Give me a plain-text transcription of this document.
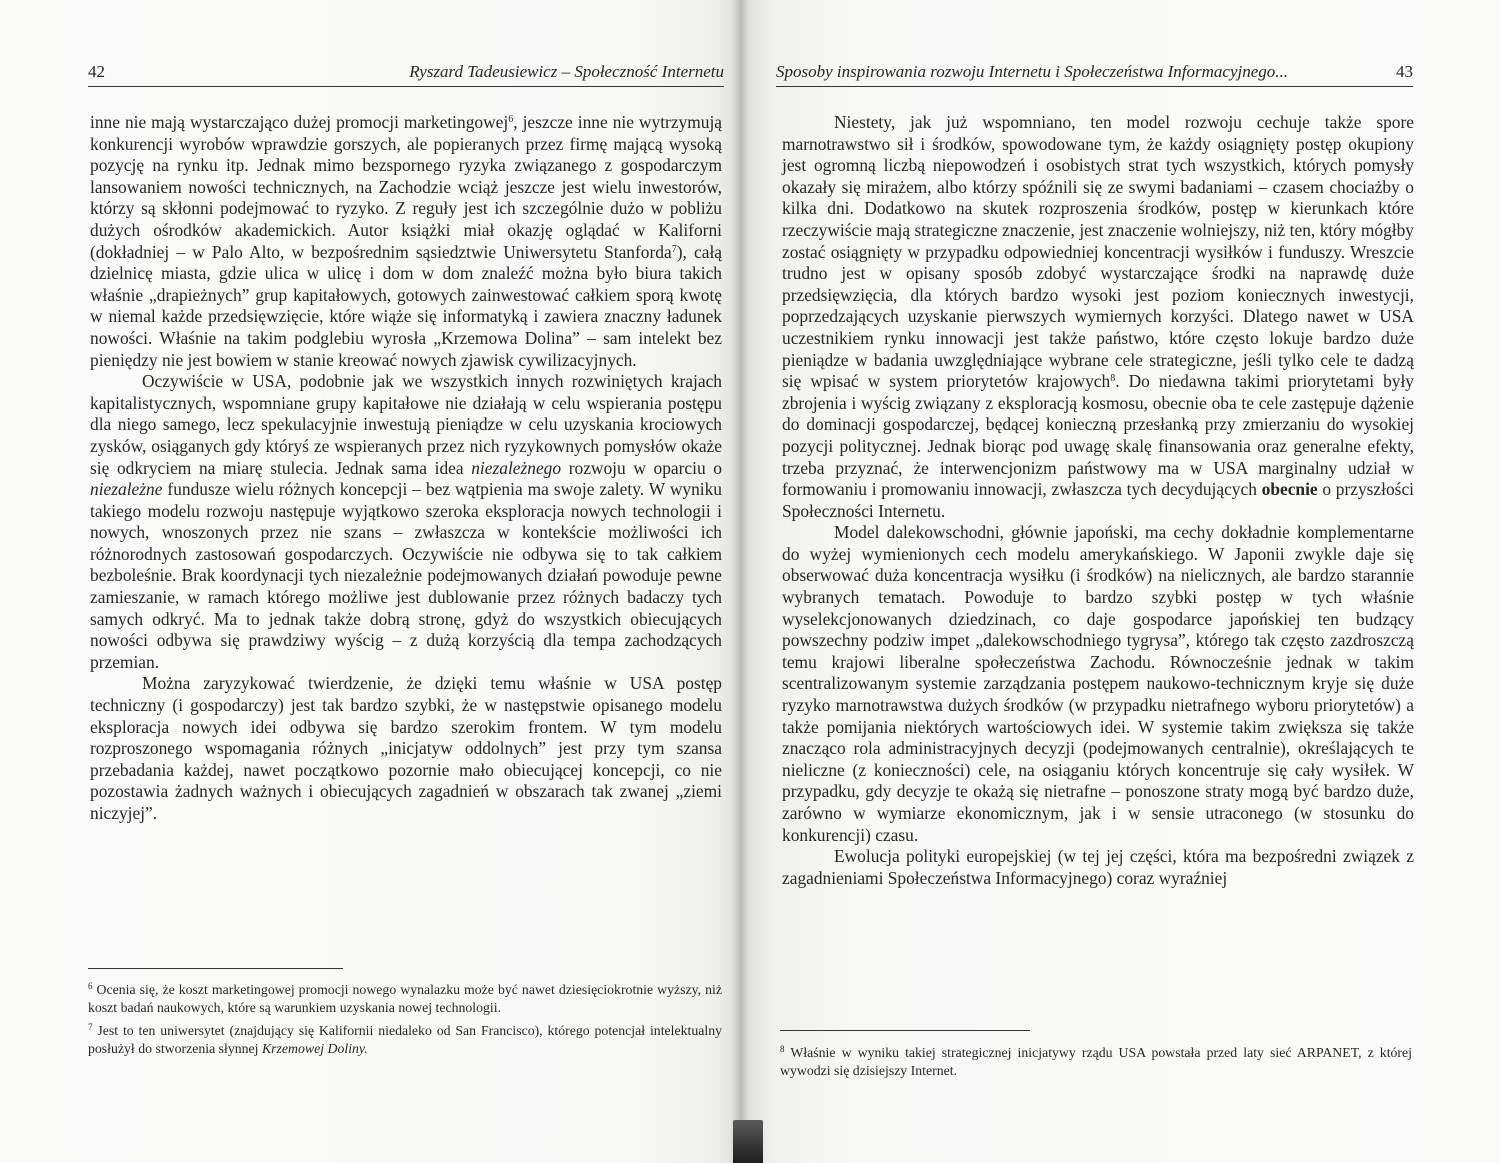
42	Ryszard Tadeusiewicz – Społeczność Internetu

inne nie mają wystarczająco dużej promocji marketingowej$^6$, jeszcze inne nie wytrzymują konkurencji wyrobów wprawdzie gorszych, ale popieranych przez firmę mającą wysoką pozycję na rynku itp. Jednak mimo bezspornego ryzyka związanego z gospodarczym lansowaniem nowości technicznych, na Zachodzie wciąż jeszcze jest wielu inwestorów, którzy są skłonni podejmować to ryzyko. Z reguły jest ich szczególnie dużo w pobliżu dużych ośrodków akademickich. Autor książki miał okazję oglądać w Kaliforni (dokładniej – w Palo Alto, w bezpośrednim sąsiedztwie Uniwersytetu Stanforda$^7$), całą dzielnicę miasta, gdzie ulica w ulicę i dom w dom znaleźć można było biura takich właśnie „drapieżnych” grup kapitałowych, gotowych zainwestować całkiem sporą kwotę w niemal każde przedsięwzięcie, które wiąże się informatyką i zawiera znaczny ładunek nowości. Właśnie na takim podglebiu wyrosła „Krzemowa Dolina” – sam intelekt bez pieniędzy nie jest bowiem w stanie kreować nowych zjawisk cywilizacyjnych.

Oczywiście w USA, podobnie jak we wszystkich innych rozwiniętych krajach kapitalistycznych, wspomniane grupy kapitałowe nie działają w celu wspierania postępu dla niego samego, lecz spekulacyjnie inwestują pieniądze w celu uzyskania krociowych zysków, osiąganych gdy któryś ze wspieranych przez nich ryzykownych pomysłów okaże się odkryciem na miarę stulecia. Jednak sama idea niezależnego rozwoju w oparciu o niezależne fundusze wielu różnych koncepcji – bez wątpienia ma swoje zalety. W wyniku takiego modelu rozwoju następuje wyjątkowo szeroka eksploracja nowych technologii i nowych, wnoszonych przez nie szans – zwłaszcza w kontekście możliwości ich różnorodnych zastosowań gospodarczych. Oczywiście nie odbywa się to tak całkiem bezboleśnie. Brak koordynacji tych niezależnie podejmowanych działań powoduje pewne zamieszanie, w ramach którego możliwe jest dublowanie przez różnych badaczy tych samych odkryć. Ma to jednak także dobrą stronę, gdyż do wszystkich obiecujących nowości odbywa się prawdziwy wyścig – z dużą korzyścią dla tempa zachodzących przemian.

Można zaryzykować twierdzenie, że dzięki temu właśnie w USA postęp techniczny (i gospodarczy) jest tak bardzo szybki, że w następstwie opisanego modelu eksploracja nowych idei odbywa się bardzo szerokim frontem. W tym modelu rozproszonego wspomagania różnych „inicjatyw oddolnych” jest przy tym szansa przebadania każdej, nawet początkowo pozornie mało obiecującej koncepcji, co nie pozostawia żadnych ważnych i obiecujących zagadnień w obszarach tak zwanej „ziemi niczyjej”.

$^6$ Ocenia się, że koszt marketingowej promocji nowego wynalazku może być nawet dziesięciokrotnie wyższy, niż koszt badań naukowych, które są warunkiem uzyskania nowej technologii.

$^7$ Jest to ten uniwersytet (znajdujący się Kalifornii niedaleko od San Francisco), którego potencjał intelektualny posłużył do stworzenia słynnej Krzemowej Doliny.

Sposoby inspirowania rozwoju Internetu i Społeczeństwa Informacyjnego...	43

Niestety, jak już wspomniano, ten model rozwoju cechuje także spore marnotrawstwo sił i środków, spowodowane tym, że każdy osiągnięty postęp okupiony jest ogromną liczbą niepowodzeń i osobistych strat tych wszystkich, których pomysły okazały się mirażem, albo którzy spóźnili się ze swymi badaniami – czasem chociażby o kilka dni. Dodatkowo na skutek rozproszenia środków, postęp w kierunkach które rzeczywiście mają strategiczne znaczenie, jest znaczenie wolniejszy, niż ten, który mógłby zostać osiągnięty w przypadku odpowiedniej koncentracji wysiłków i funduszy. Wreszcie trudno jest w opisany sposób zdobyć wystarczające środki na naprawdę duże przedsięwzięcia, dla których bardzo wysoki jest poziom koniecznych inwestycji, poprzedzających uzyskanie pierwszych wymiernych korzyści. Dlatego nawet w USA uczestnikiem rynku innowacji jest także państwo, które często lokuje bardzo duże pieniądze w badania uwzględniające wybrane cele strategiczne, jeśli tylko cele te dadzą się wpisać w system priorytetów krajowych$^8$. Do niedawna takimi priorytetami były zbrojenia i wyścig związany z eksploracją kosmosu, obecnie oba te cele zastępuje dążenie do dominacji gospodarczej, będącej konieczną przesłanką przy zmierzaniu do wysokiej pozycji politycznej. Jednak biorąc pod uwagę skalę finansowania oraz generalne efekty, trzeba przyznać, że interwencjonizm państwowy ma w USA marginalny udział w formowaniu i promowaniu innowacji, zwłaszcza tych decydujących obecnie o przyszłości Społeczności Internetu.

Model dalekowschodni, głównie japoński, ma cechy dokładnie komplementarne do wyżej wymienionych cech modelu amerykańskiego. W Japonii zwykle daje się obserwować duża koncentracja wysiłku (i środków) na nielicznych, ale bardzo starannie wybranych tematach. Powoduje to bardzo szybki postęp w tych właśnie wyselekcjonowanych dziedzinach, co daje gospodarce japońskiej ten budzący powszechny podziw impet „dalekowschodniego tygrysa”, którego tak często zazdroszczą temu krajowi liberalne społeczeństwa Zachodu. Równocześnie jednak w takim scentralizowanym systemie zarządzania postępem naukowo-technicznym kryje się duże ryzyko marnotrawstwa dużych środków (w przypadku nietrafnego wyboru priorytetów) a także pomijania niektórych wartościowych idei. W systemie takim zwiększa się także znacząco rola administracyjnych decyzji (podejmowanych centralnie), określających te nieliczne (z konieczności) cele, na osiąganiu których koncentruje się cały wysiłek. W przypadku, gdy decyzje te okażą się nietrafne – ponoszone straty mogą być bardzo duże, zarówno w wymiarze ekonomicznym, jak i w sensie utraconego (w stosunku do konkurencji) czasu.

Ewolucja polityki europejskiej (w tej jej części, która ma bezpośredni związek z zagadnieniami Społeczeństwa Informacyjnego) coraz wyraźniej

$^8$ Właśnie w wyniku takiej strategicznej inicjatywy rządu USA powstała przed laty sieć ARPANET, z której wywodzi się dzisiejszy Internet.
